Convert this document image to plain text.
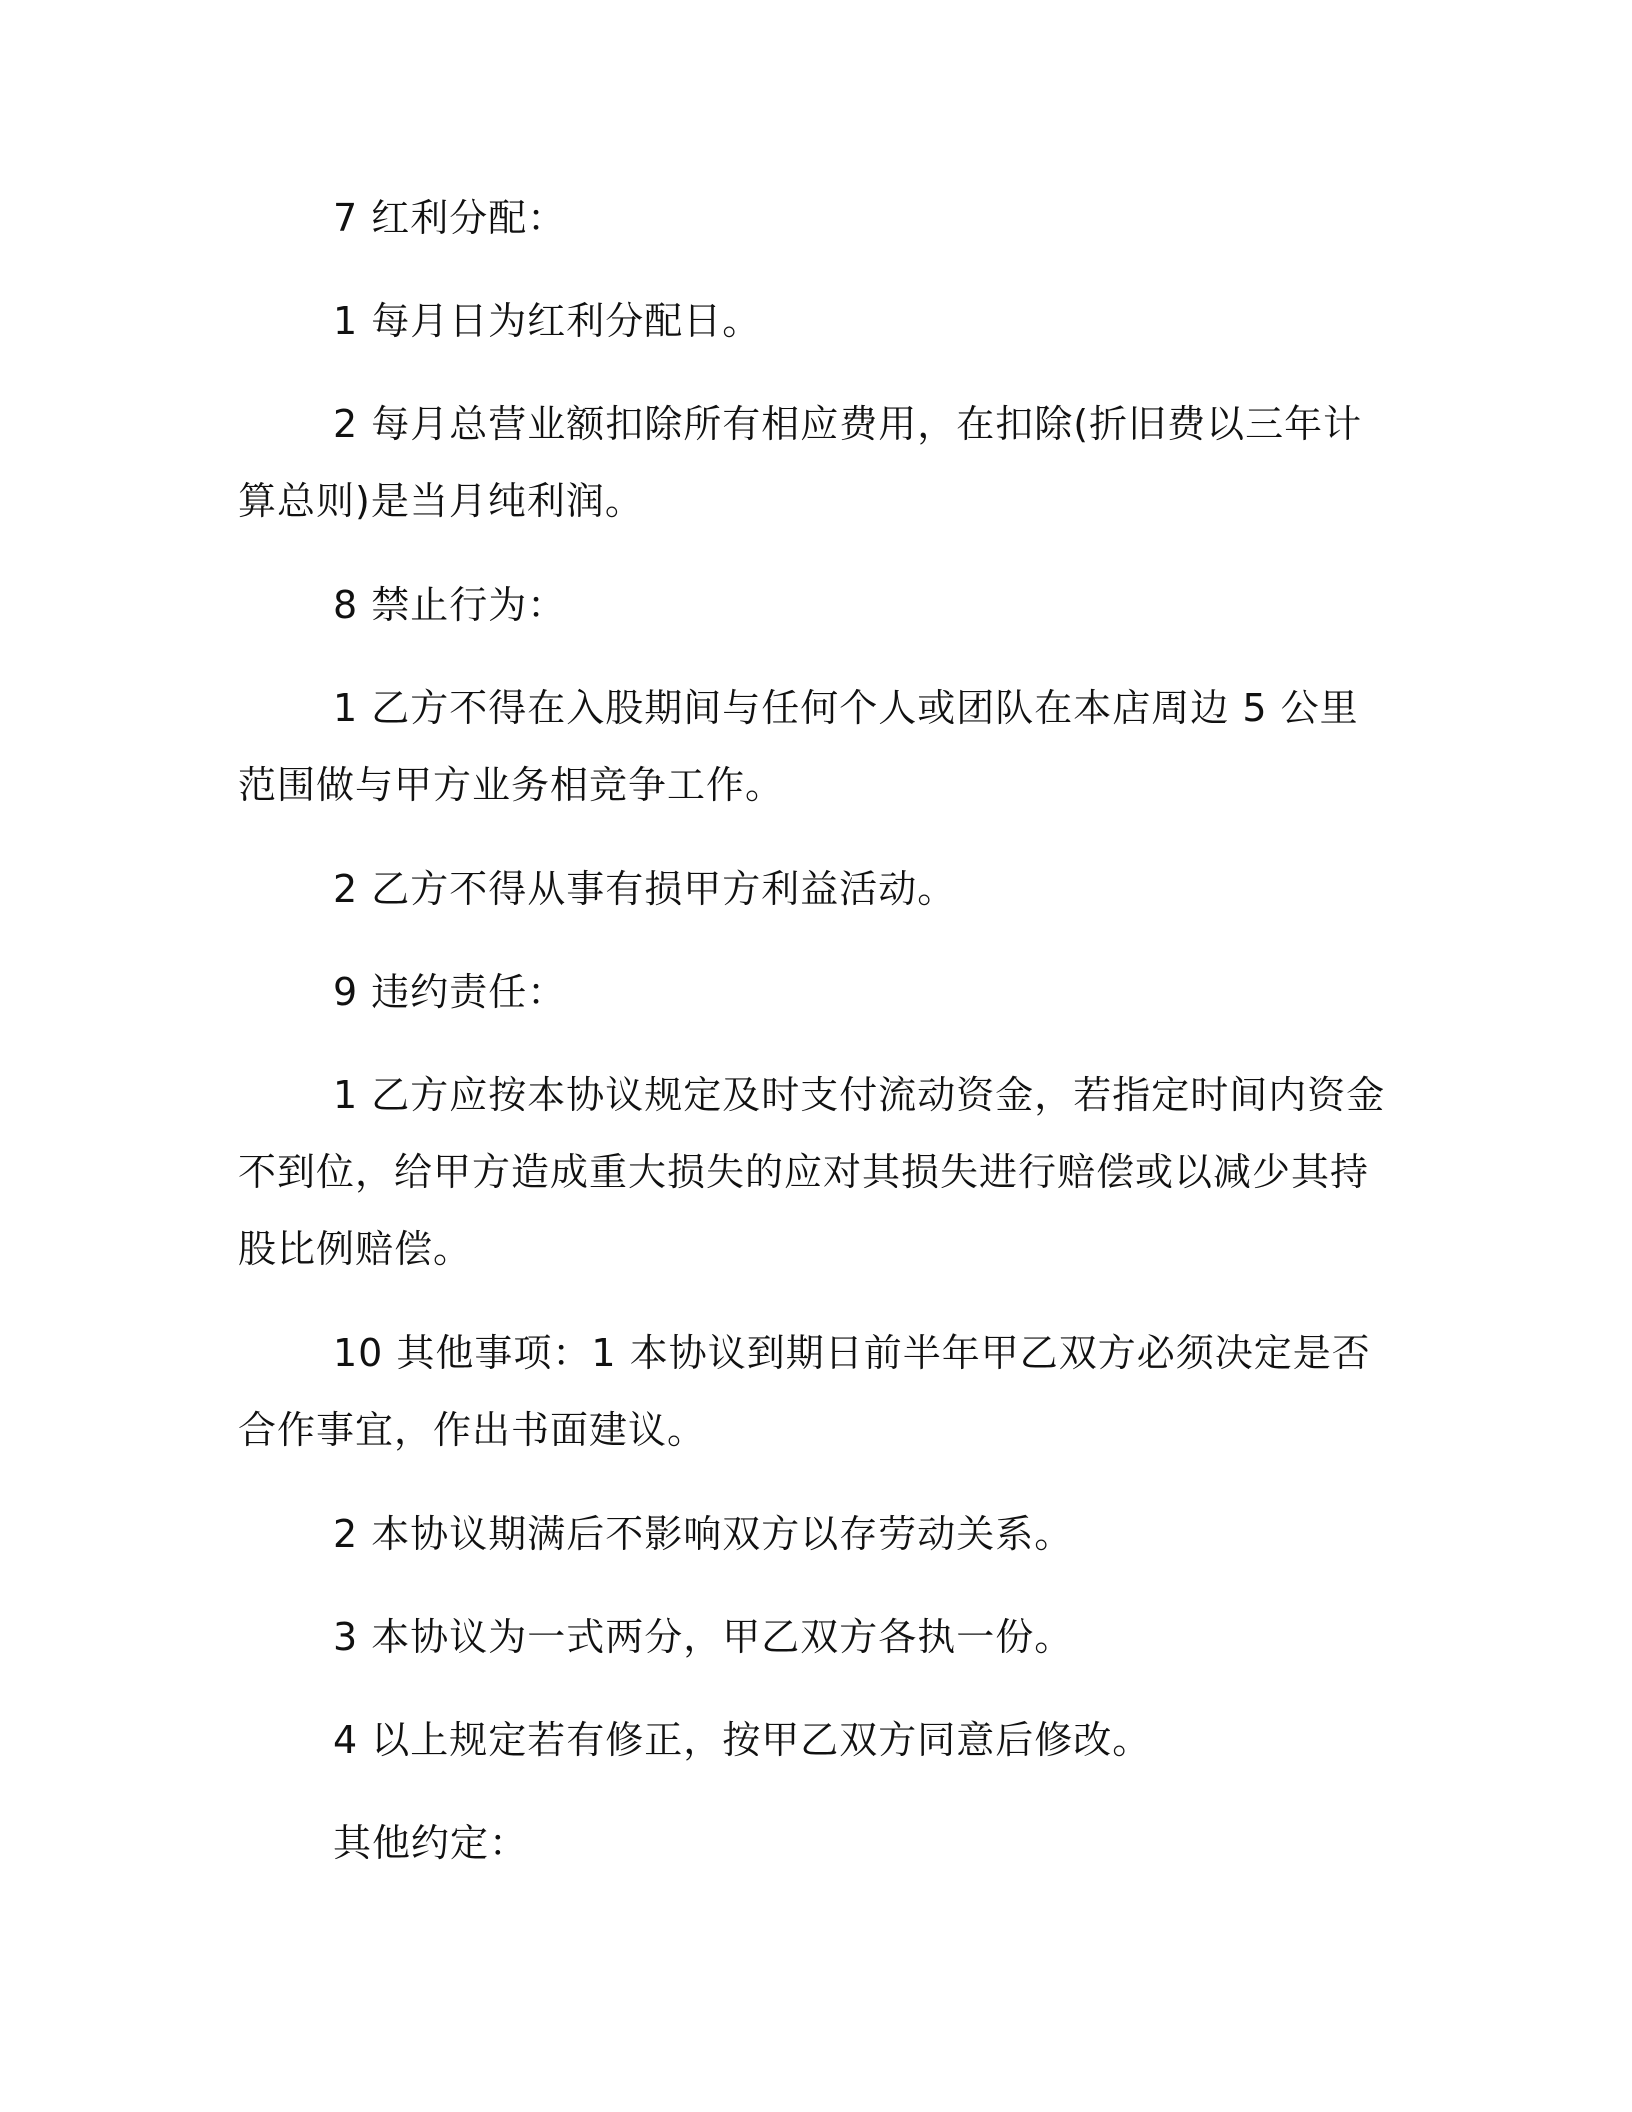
7 红利分配：

1 每月日为红利分配日。

2 每月总营业额扣除所有相应费用，在扣除(折旧费以三年计算总则)是当月纯利润。

8 禁止行为：

1 乙方不得在入股期间与任何个人或团队在本店周边 5 公里范围做与甲方业务相竞争工作。

2 乙方不得从事有损甲方利益活动。

9 违约责任：

1 乙方应按本协议规定及时支付流动资金，若指定时间内资金不到位，给甲方造成重大损失的应对其损失进行赔偿或以减少其持股比例赔偿。

10 其他事项：1 本协议到期日前半年甲乙双方必须决定是否合作事宜，作出书面建议。

2 本协议期满后不影响双方以存劳动关系。

3 本协议为一式两分，甲乙双方各执一份。

4 以上规定若有修正，按甲乙双方同意后修改。

其他约定：
